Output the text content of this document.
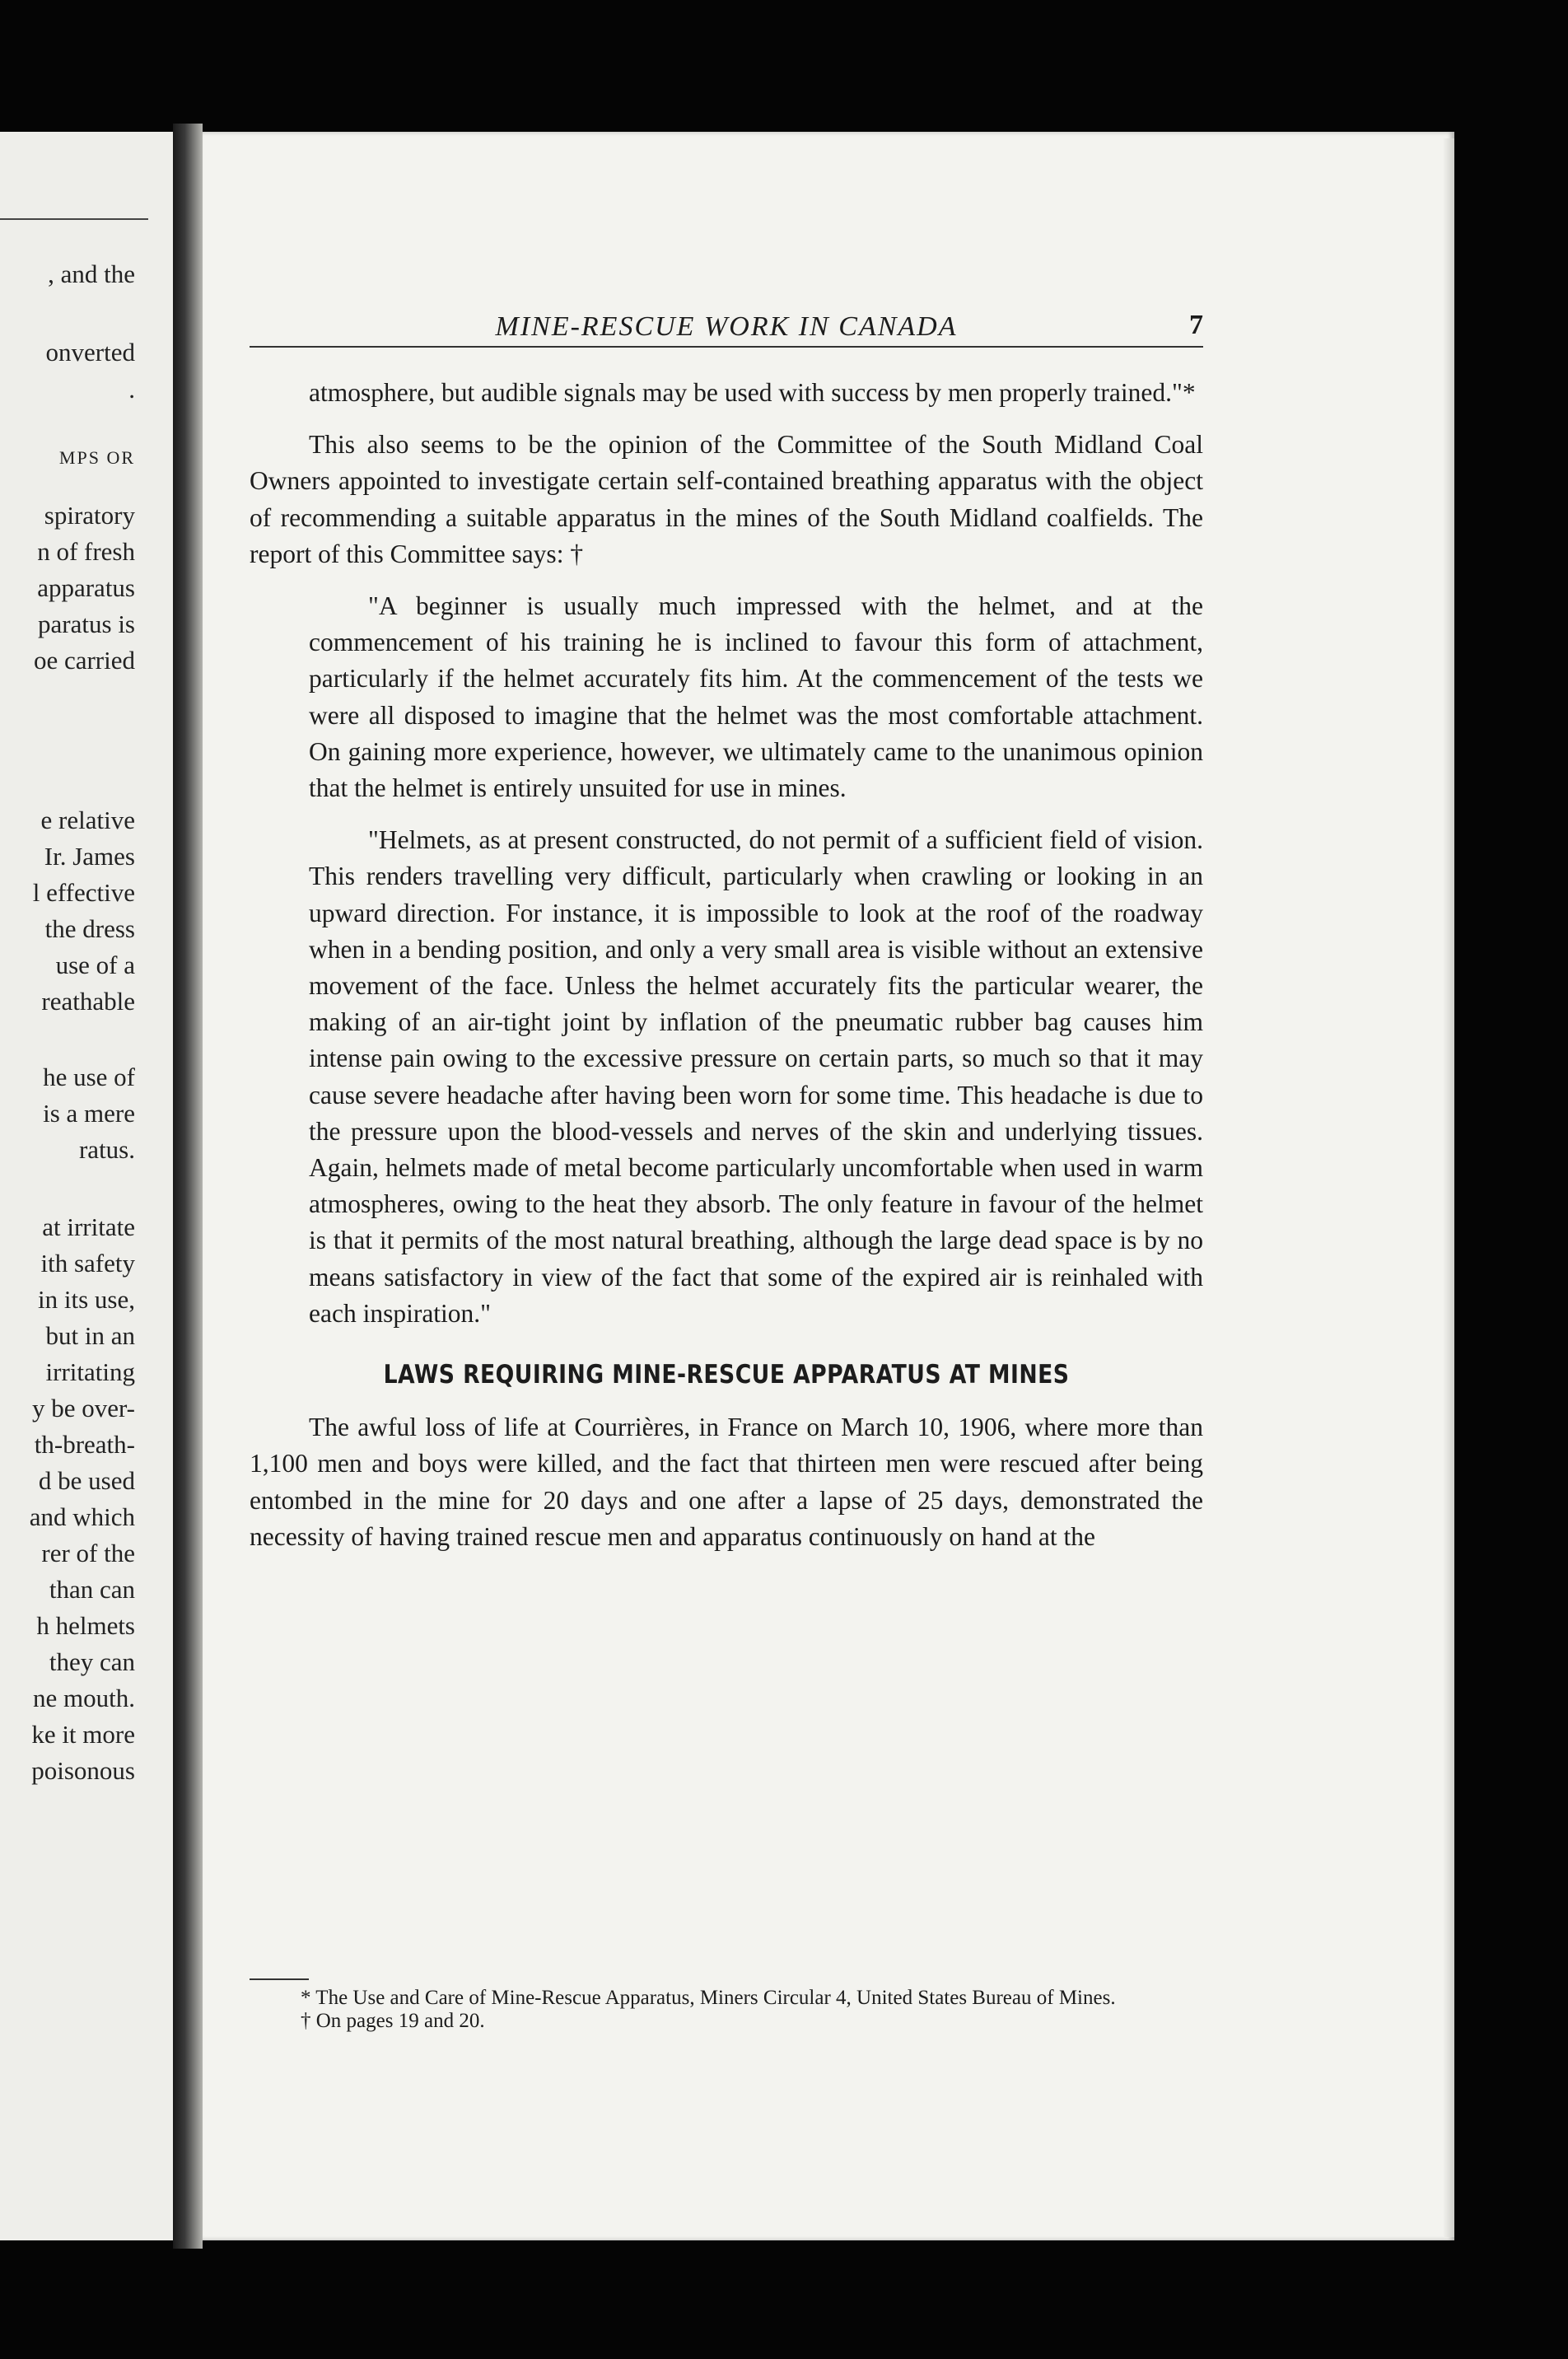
, and the
onverted
.
MPS OR
spiratory
n of fresh
apparatus
paratus is
oe carried
e relative
Ir. James
l effective
the dress
use of a
reathable
he use of
is a mere
ratus.
at irritate
ith safety
in its use,
but in an
irritating
y be over-
th-breath-
d be used
and which
rer of the
than can
h helmets
they can
ne mouth.
ke it more
poisonous
MINE-RESCUE WORK IN CANADA	7

atmosphere, but audible signals may be used with success by men properly trained."*

This also seems to be the opinion of the Committee of the South Midland Coal Owners appointed to investigate certain self-contained breathing apparatus with the object of recommending a suitable apparatus in the mines of the South Midland coalfields. The report of this Committee says: †

"A beginner is usually much impressed with the helmet, and at the commencement of his training he is inclined to favour this form of attachment, particularly if the helmet accurately fits him. At the commencement of the tests we were all disposed to imagine that the helmet was the most comfortable attachment. On gaining more experience, however, we ultimately came to the unanimous opinion that the helmet is entirely unsuited for use in mines.

"Helmets, as at present constructed, do not permit of a sufficient field of vision. This renders travelling very difficult, particularly when crawling or looking in an upward direction. For instance, it is impossible to look at the roof of the roadway when in a bending position, and only a very small area is visible without an extensive movement of the face. Unless the helmet accurately fits the particular wearer, the making of an air-tight joint by inflation of the pneumatic rubber bag causes him intense pain owing to the excessive pressure on certain parts, so much so that it may cause severe headache after having been worn for some time. This headache is due to the pressure upon the blood-vessels and nerves of the skin and underlying tissues. Again, helmets made of metal become particularly uncomfortable when used in warm atmospheres, owing to the heat they absorb. The only feature in favour of the helmet is that it permits of the most natural breathing, although the large dead space is by no means satisfactory in view of the fact that some of the expired air is reinhaled with each inspiration."

LAWS REQUIRING MINE-RESCUE APPARATUS AT MINES

The awful loss of life at Courrières, in France on March 10, 1906, where more than 1,100 men and boys were killed, and the fact that thirteen men were rescued after being entombed in the mine for 20 days and one after a lapse of 25 days, demonstrated the necessity of having trained rescue men and apparatus continuously on hand at the

* The Use and Care of Mine-Rescue Apparatus, Miners Circular 4, United States Bureau of Mines.

† On pages 19 and 20.
